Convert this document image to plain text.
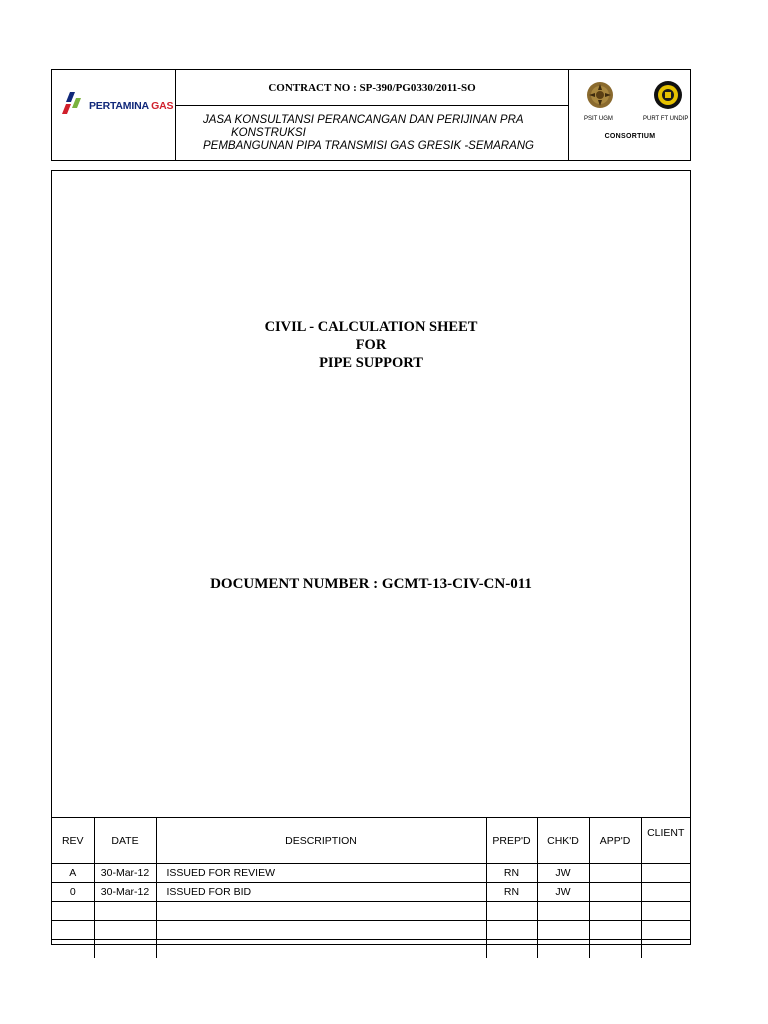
PERTAMINA GAS
CONTRACT NO : SP-390/PG0330/2011-SO
JASA KONSULTANSI PERANCANGAN DAN PERIJINAN PRA
KONSTRUKSI
PEMBANGUNAN PIPA TRANSMISI GAS GRESIK -SEMARANG
PSIT UGM	PURT FT UNDIP
CONSORTIUM
CIVIL - CALCULATION SHEET
FOR
PIPE SUPPORT
DOCUMENT NUMBER : GCMT-13-CIV-CN-011
REV	DATE	DESCRIPTION	PREP'D	CHK'D	APP'D	CLIENT
A	30-Mar-12	ISSUED FOR REVIEW	RN	JW		
0	30-Mar-12	ISSUED FOR BID	RN	JW		
